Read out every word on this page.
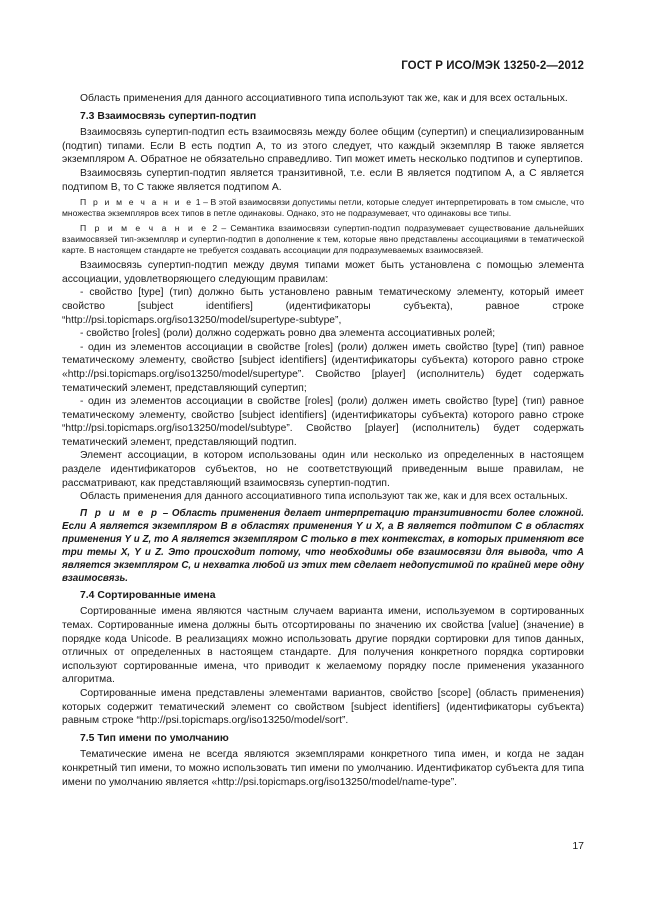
ГОСТ Р ИСО/МЭК 13250-2—2012

Область применения для данного ассоциативного типа используют так же, как и для всех остальных.

7.3 Взаимосвязь супертип-подтип

Взаимосвязь супертип-подтип есть взаимосвязь между более общим (супертип) и специализированным (подтип) типами. Если B есть подтип A, то из этого следует, что каждый экземпляр B также является экземпляром A. Обратное не обязательно справедливо. Тип может иметь несколько подтипов и супертипов.

Взаимосвязь супертип-подтип является транзитивной, т.е. если B является подтипом A, а C является подтипом B, то C также является подтипом A.

П р и м е ч а н и е 1 – В этой взаимосвязи допустимы петли, которые следует интерпретировать в том смысле, что множества экземпляров всех типов в петле одинаковы. Однако, это не подразумевает, что одинаковы все типы.

П р и м е ч а н и е 2 – Семантика взаимосвязи супертип-подтип подразумевает существование дальнейших взаимосвязей тип-экземпляр и супертип-подтип в дополнение к тем, которые явно представлены ассоциациями в тематической карте. В настоящем стандарте не требуется создавать ассоциации для подразумеваемых взаимосвязей.

Взаимосвязь супертип-подтип между двумя типами может быть установлена с помощью элемента ассоциации, удовлетворяющего следующим правилам:

- свойство [type] (тип) должно быть установлено равным тематическому элементу, который имеет свойство [subject identifiers] (идентификаторы субъекта), равное строке “http://psi.topicmaps.org/iso13250/model/supertype-subtype”,

- свойство [roles] (роли) должно содержать ровно два элемента ассоциативных ролей;

- один из элементов ассоциации в свойстве [roles] (роли) должен иметь свойство [type] (тип) равное тематическому элементу, свойство [subject identifiers] (идентификаторы субъекта) которого равно строке «http://psi.topicmaps.org/iso13250/model/supertype”. Свойство [player] (исполнитель) будет содержать тематический элемент, представляющий супертип;

- один из элементов ассоциации в свойстве [roles] (роли) должен иметь свойство [type] (тип) равное тематическому элементу, свойство [subject identifiers] (идентификаторы субъекта) которого равно строке “http://psi.topicmaps.org/iso13250/model/subtype”. Свойство [player] (исполнитель) будет содержать тематический элемент, представляющий подтип.

Элемент ассоциации, в котором использованы один или несколько из определенных в настоящем разделе идентификаторов субъектов, но не соответствующий приведенным выше правилам, не рассматривают, как представляющий взаимосвязь супертип-подтип.

Область применения для данного ассоциативного типа используют так же, как и для всех остальных.

П р и м е р – Область применения делает интерпретацию транзитивности более сложной. Если A является экземпляром B в областях применения Y и X, а B является подтипом C в областях применения Y и Z, то A является экземпляром C только в тех контекстах, в которых применяют все три темы X, Y и Z. Это происходит потому, что необходимы обе взаимосвязи для вывода, что A является экземпляром C, и нехватка любой из этих тем сделает недопустимой по крайней мере одну взаимосвязь.

7.4 Сортированные имена

Сортированные имена являются частным случаем варианта имени, используемом в сортированных темах. Сортированные имена должны быть отсортированы по значению их свойства [value] (значение) в порядке кода Unicode. В реализациях можно использовать другие порядки сортировки для типов данных, отличных от определенных в настоящем стандарте. Для получения конкретного порядка сортировки используют сортированные имена, что приводит к желаемому порядку после применения указанного алгоритма.

Сортированные имена представлены элементами вариантов, свойство [scope] (область применения) которых содержит тематический элемент со свойством [subject identifiers] (идентификаторы субъекта) равным строке “http://psi.topicmaps.org/iso13250/model/sort”.

7.5 Тип имени по умолчанию

Тематические имена не всегда являются экземплярами конкретного типа имен, и когда не задан конкретный тип имени, то можно использовать тип имени по умолчанию. Идентификатор субъекта для типа имени по умолчанию является «http://psi.topicmaps.org/iso13250/model/name-type”.

17
